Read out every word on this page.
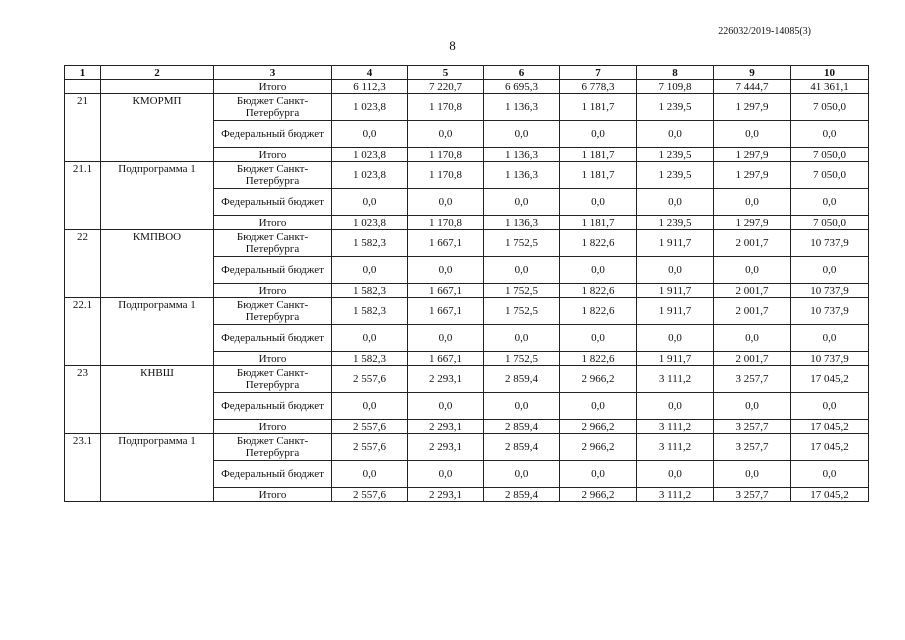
226032/2019-14085(3)
8
1	2	3	4	5	6	7	8	9	10
		Итого	6 112,3	7 220,7	6 695,3	6 778,3	7 109,8	7 444,7	41 361,1
21	КМОРМП	Бюджет Санкт-Петербурга	1 023,8	1 170,8	1 136,3	1 181,7	1 239,5	1 297,9	7 050,0
		Федеральный бюджет	0,0	0,0	0,0	0,0	0,0	0,0	0,0
		Итого	1 023,8	1 170,8	1 136,3	1 181,7	1 239,5	1 297,9	7 050,0
21.1	Подпрограмма 1	Бюджет Санкт-Петербурга	1 023,8	1 170,8	1 136,3	1 181,7	1 239,5	1 297,9	7 050,0
		Федеральный бюджет	0,0	0,0	0,0	0,0	0,0	0,0	0,0
		Итого	1 023,8	1 170,8	1 136,3	1 181,7	1 239,5	1 297,9	7 050,0
22	КМПВОО	Бюджет Санкт-Петербурга	1 582,3	1 667,1	1 752,5	1 822,6	1 911,7	2 001,7	10 737,9
		Федеральный бюджет	0,0	0,0	0,0	0,0	0,0	0,0	0,0
		Итого	1 582,3	1 667,1	1 752,5	1 822,6	1 911,7	2 001,7	10 737,9
22.1	Подпрограмма 1	Бюджет Санкт-Петербурга	1 582,3	1 667,1	1 752,5	1 822,6	1 911,7	2 001,7	10 737,9
		Федеральный бюджет	0,0	0,0	0,0	0,0	0,0	0,0	0,0
		Итого	1 582,3	1 667,1	1 752,5	1 822,6	1 911,7	2 001,7	10 737,9
23	КНВШ	Бюджет Санкт-Петербурга	2 557,6	2 293,1	2 859,4	2 966,2	3 111,2	3 257,7	17 045,2
		Федеральный бюджет	0,0	0,0	0,0	0,0	0,0	0,0	0,0
		Итого	2 557,6	2 293,1	2 859,4	2 966,2	3 111,2	3 257,7	17 045,2
23.1	Подпрограмма 1	Бюджет Санкт-Петербурга	2 557,6	2 293,1	2 859,4	2 966,2	3 111,2	3 257,7	17 045,2
		Федеральный бюджет	0,0	0,0	0,0	0,0	0,0	0,0	0,0
		Итого	2 557,6	2 293,1	2 859,4	2 966,2	3 111,2	3 257,7	17 045,2
